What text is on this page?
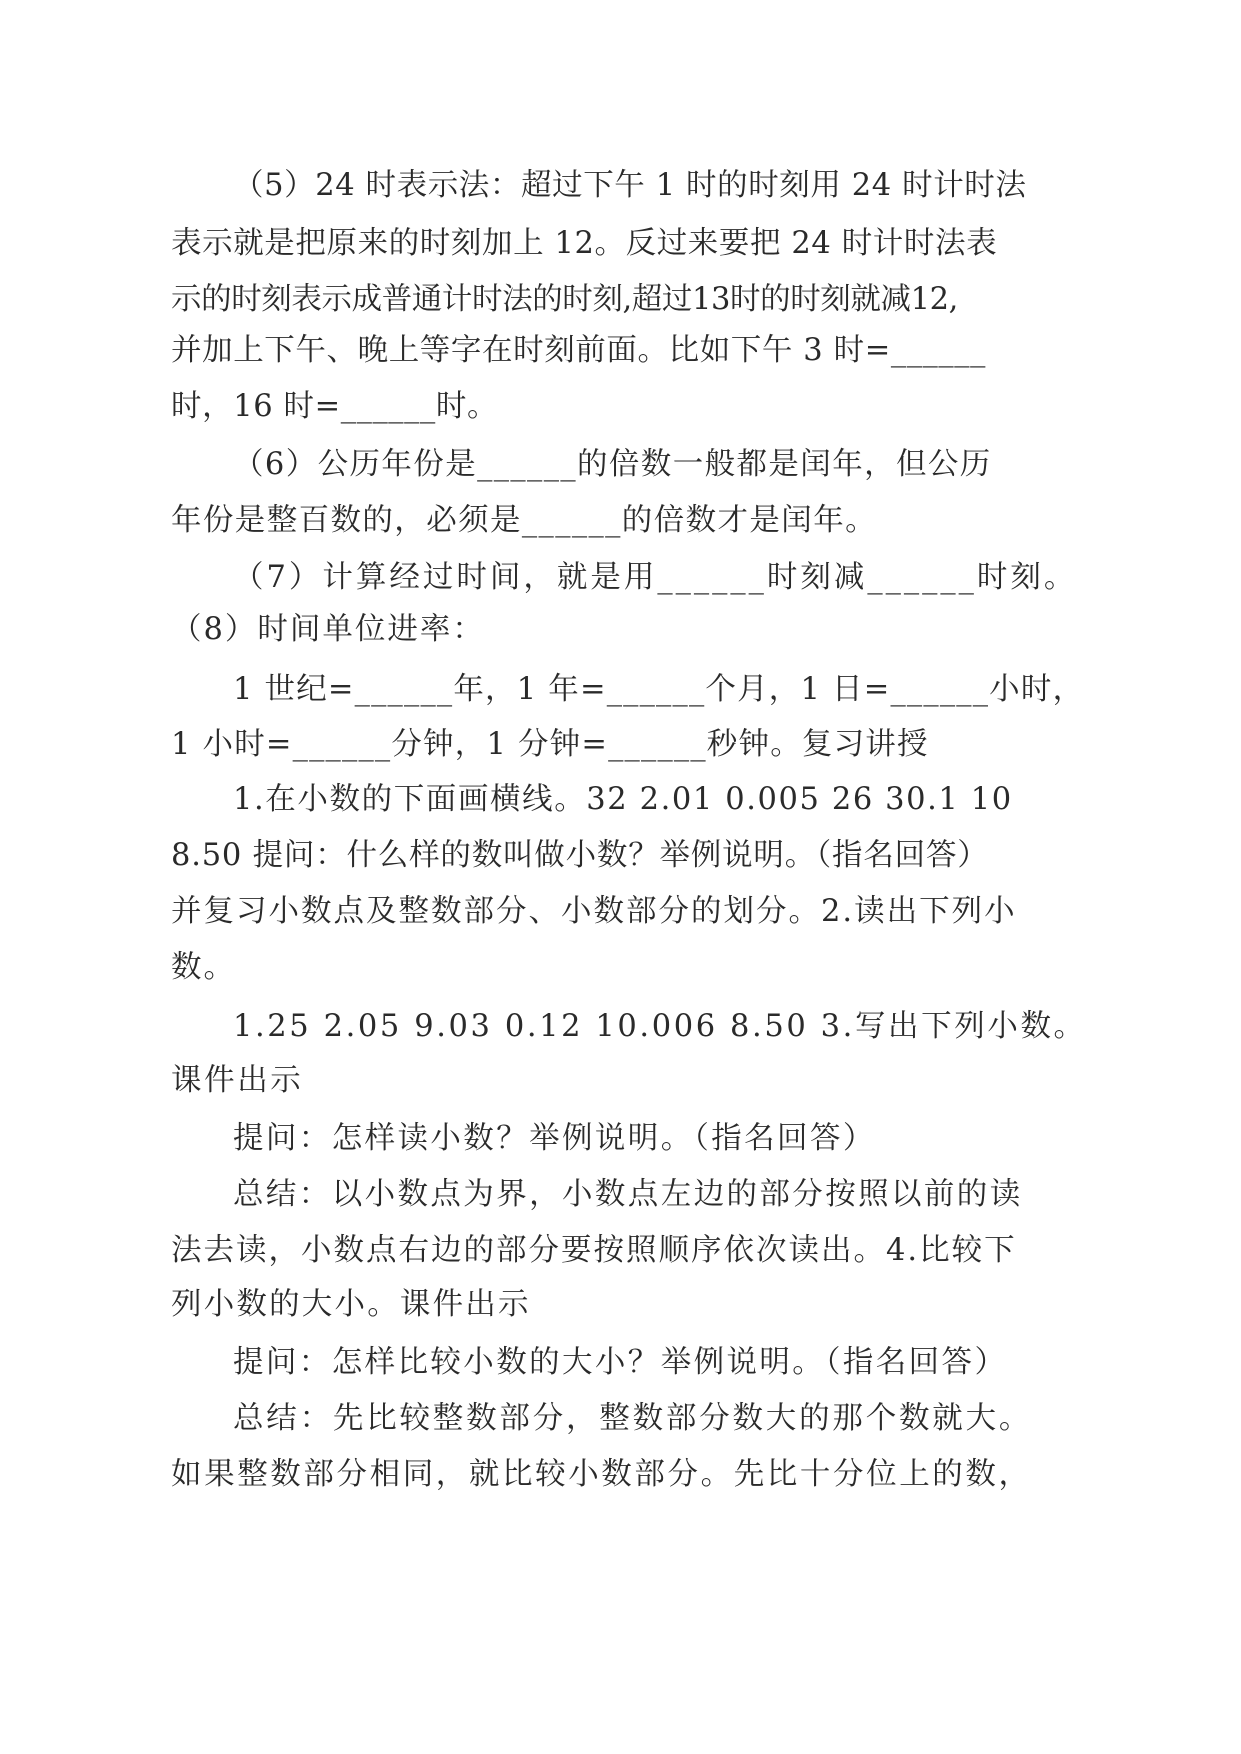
（5）24 时表示法：超过下午 1 时的时刻用 24 时计时法

表示就是把原来的时刻加上 12。反过来要把 24 时计时法表

示的时刻表示成普通计时法的时刻,超过13时的时刻就减12,

并加上下午、晚上等字在时刻前面。比如下午 3 时=______

时，16 时=______时。

（6）公历年份是______的倍数一般都是闰年，但公历

年份是整百数的，必须是______的倍数才是闰年。

（7）计算经过时间，就是用______时刻减______时刻。

（8）时间单位进率：

1 世纪=______年，1 年=______个月，1 日=______小时，

1 小时=______分钟，1 分钟=______秒钟。复习讲授

1.在小数的下面画横线。32 2.01 0.005 26 30.1 10

8.50 提问：什么样的数叫做小数？举例说明。（指名回答）

并复习小数点及整数部分、小数部分的划分。2.读出下列小

数。

1.25 2.05 9.03 0.12 10.006 8.50 3.写出下列小数。

课件出示

提问：怎样读小数？举例说明。（指名回答）

总结：以小数点为界，小数点左边的部分按照以前的读

法去读，小数点右边的部分要按照顺序依次读出。4.比较下

列小数的大小。课件出示

提问：怎样比较小数的大小？举例说明。（指名回答）

总结：先比较整数部分，整数部分数大的那个数就大。

如果整数部分相同，就比较小数部分。先比十分位上的数，
